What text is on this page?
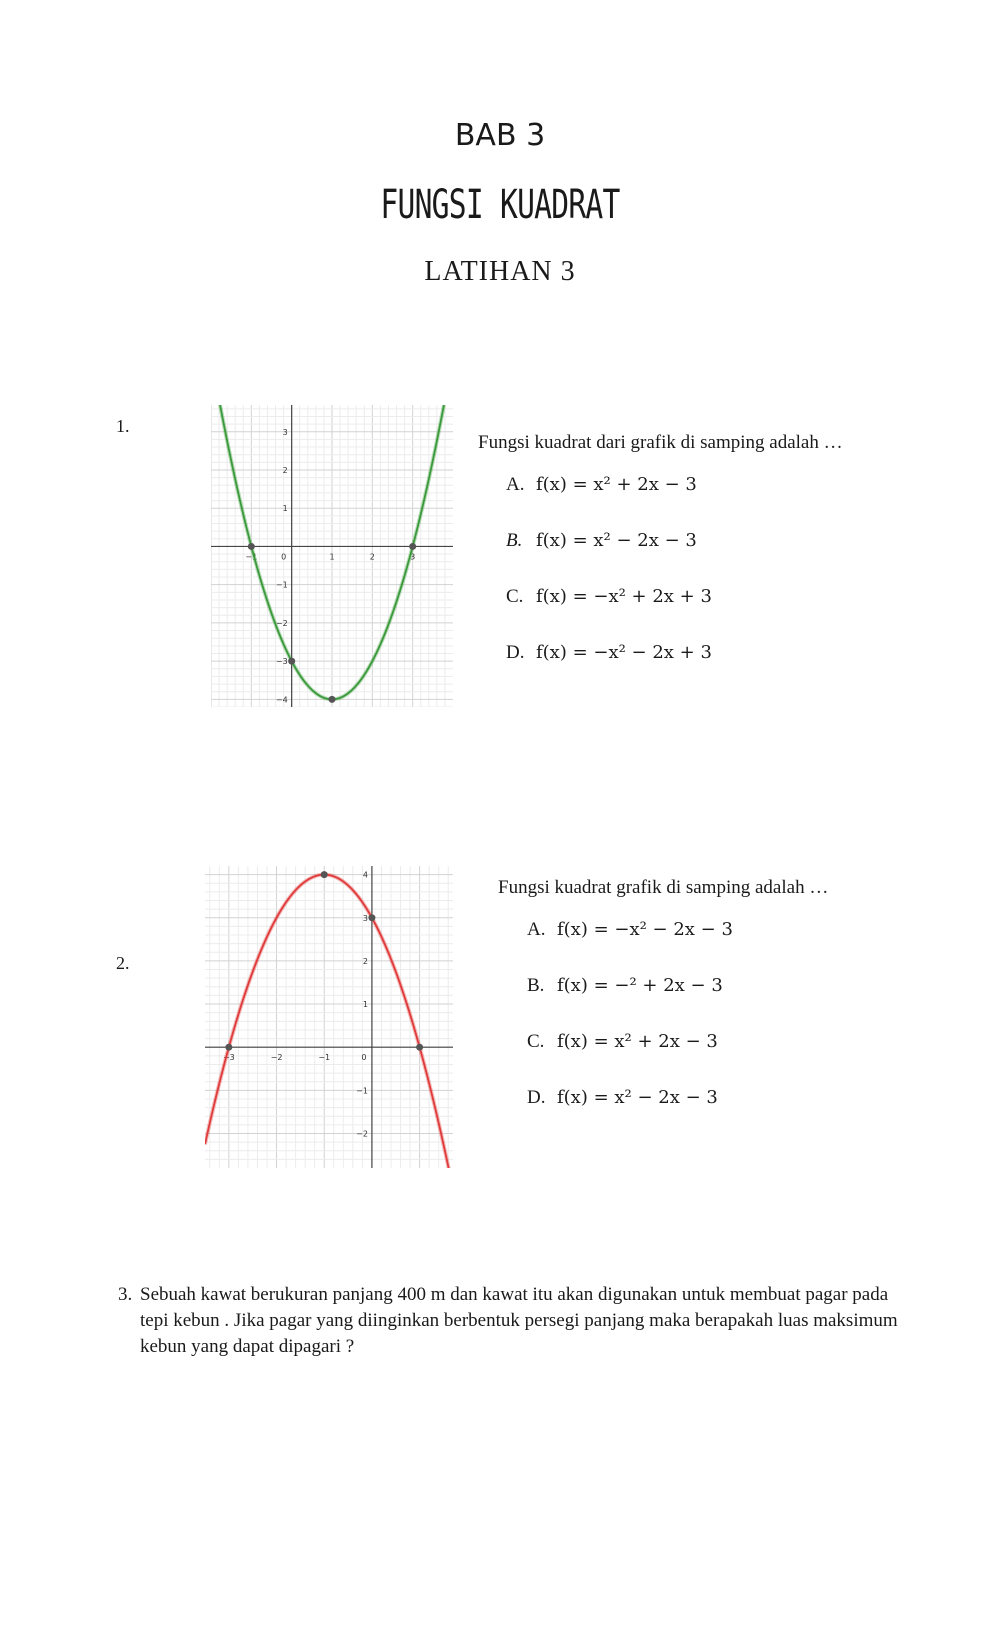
BAB 3
FUNGSI KUADRAT
LATIHAN 3
1.
−1	0	1	2	3
3
2
1
−1
−2
−3
−4
Fungsi kuadrat dari grafik di samping adalah …
A. f(x) = x² + 2x − 3
B. f(x) = x² − 2x − 3
C. f(x) = −x² + 2x + 3
D. f(x) = −x² − 2x + 3
2.
−3	−2	−1	0
4
3
2
1
−1
−2
Fungsi kuadrat grafik di samping adalah …
A. f(x) = −x² − 2x − 3
B. f(x) = −² + 2x − 3
C. f(x) = x² + 2x − 3
D. f(x) = x² − 2x − 3
3. Sebuah kawat berukuran panjang 400 m dan kawat itu akan digunakan untuk membuat pagar pada tepi kebun . Jika pagar yang diinginkan berbentuk persegi panjang maka berapakah luas maksimum kebun yang dapat dipagari ?
